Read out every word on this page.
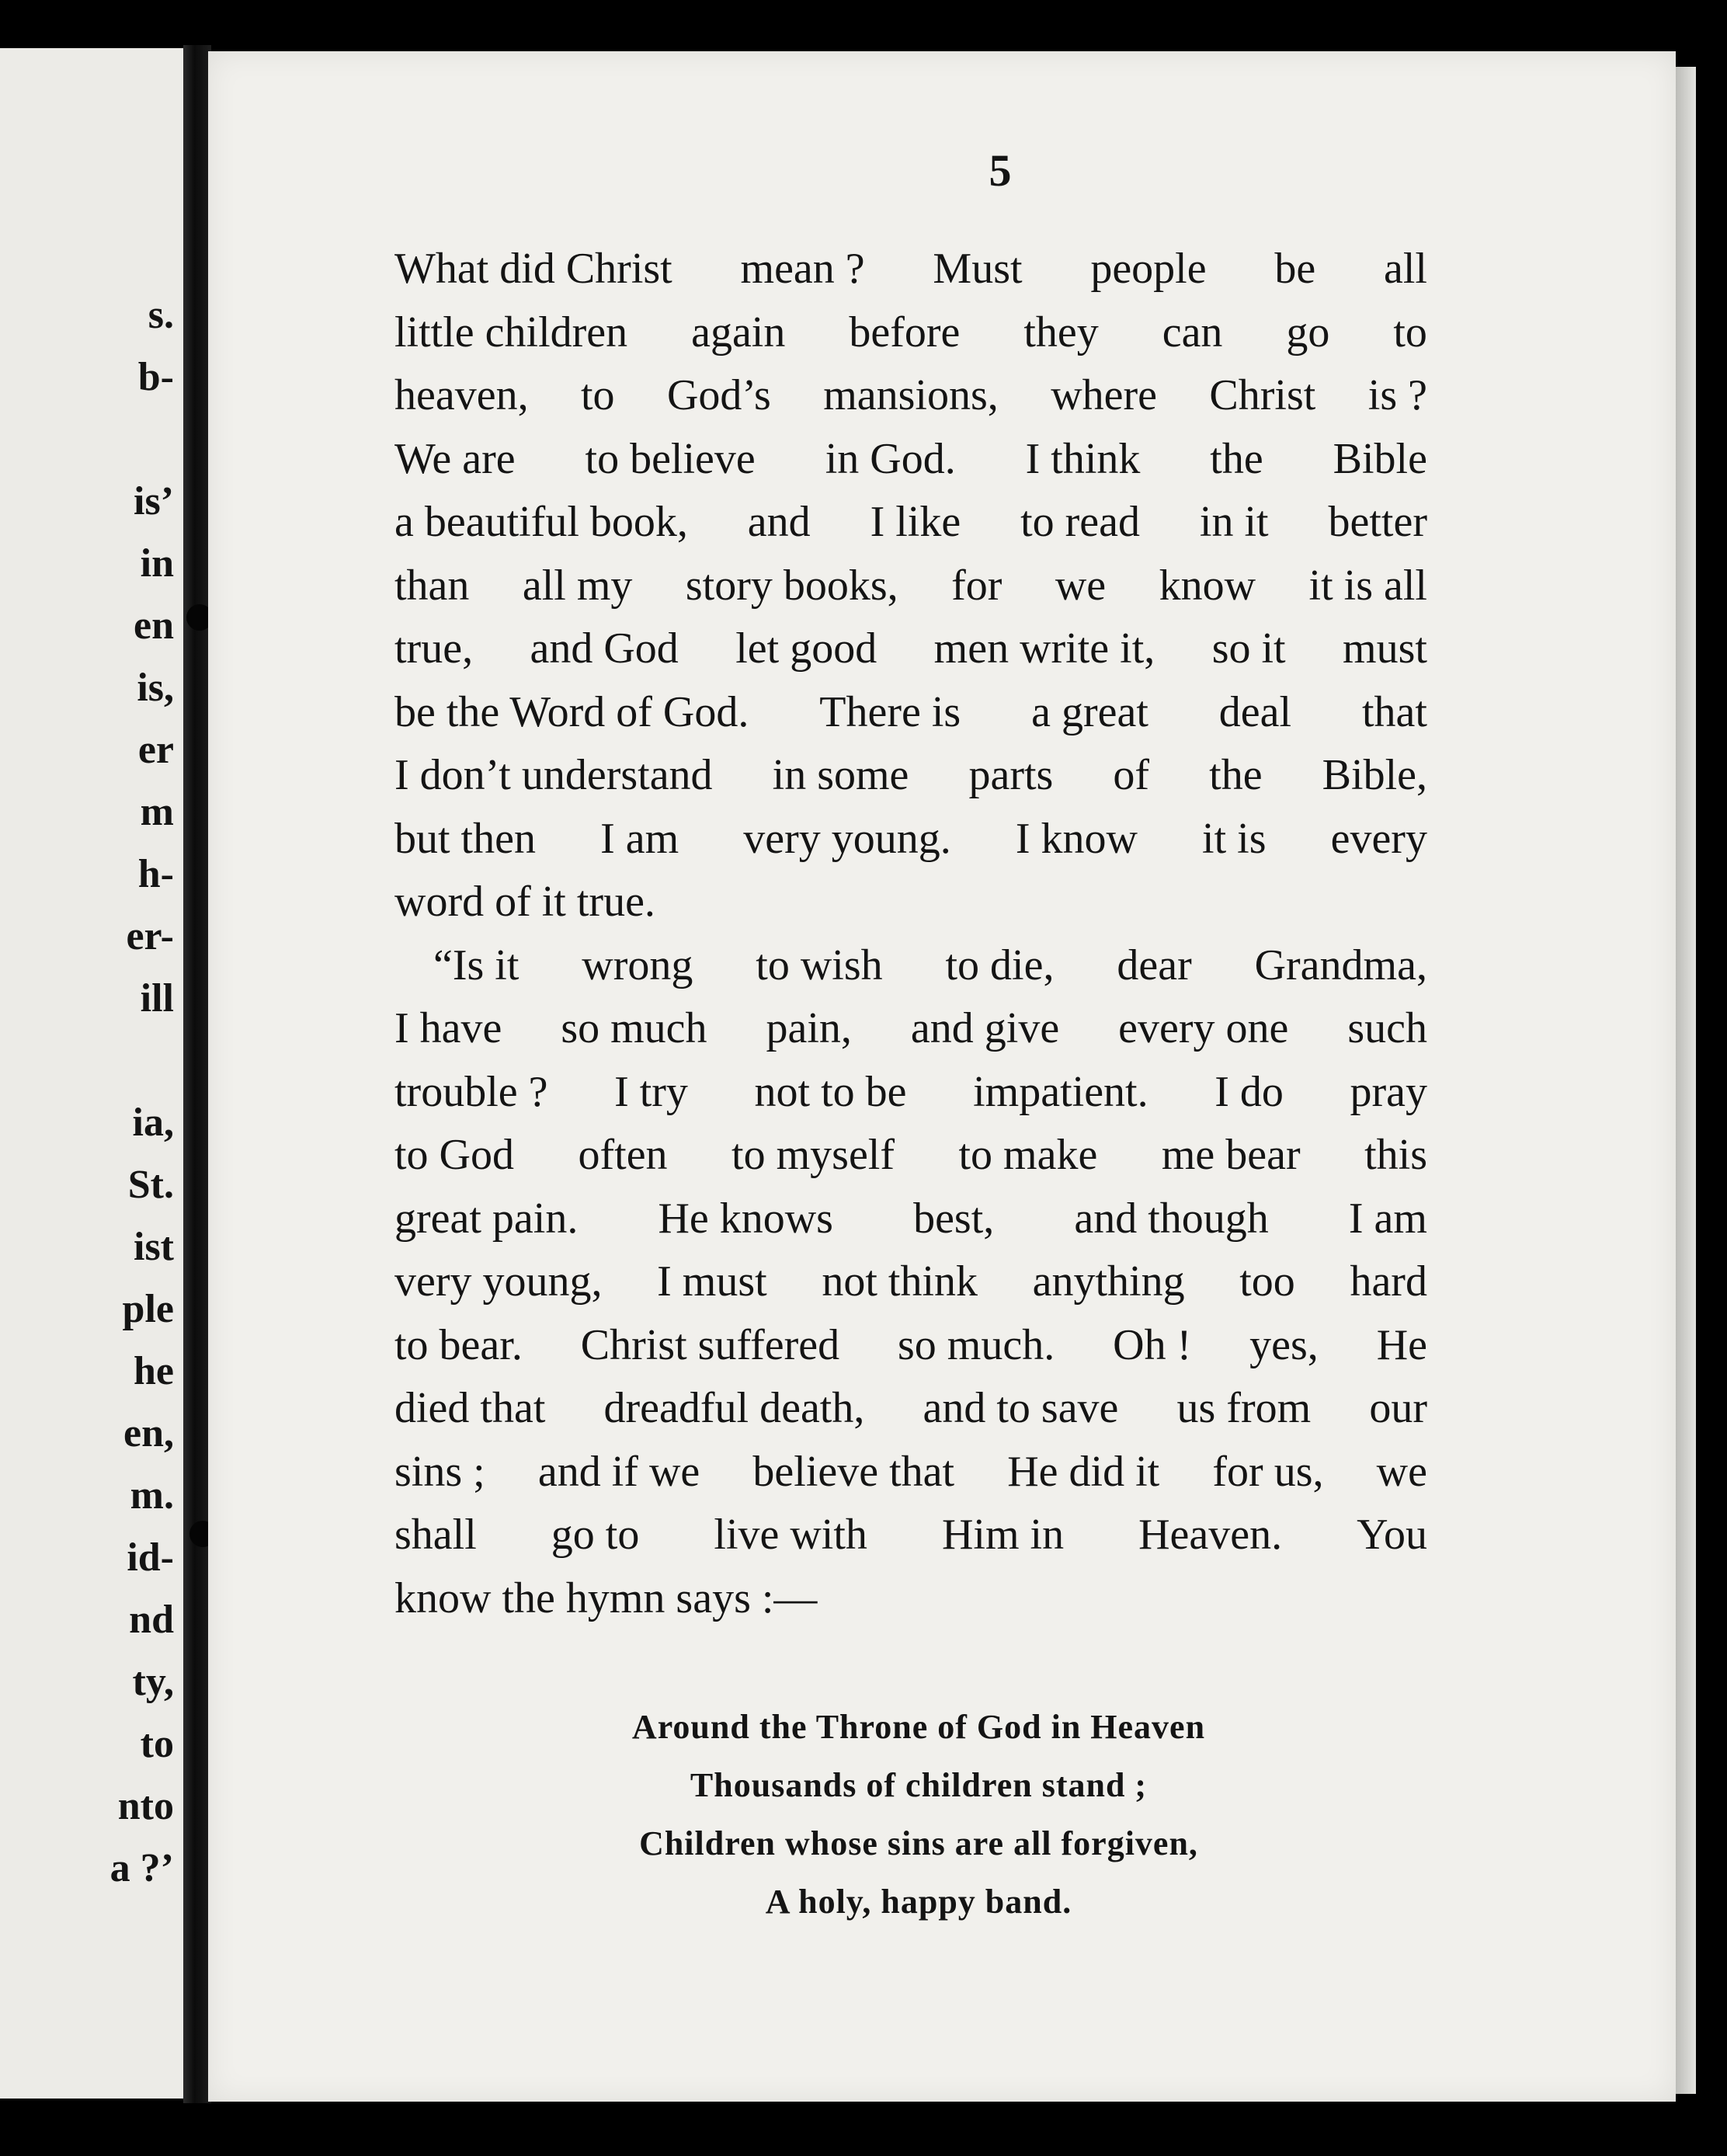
s.
b-
is’
in
en
is,
er
m
h-
er-
ill
ia,
St.
ist
ple
he
en,
m.
id-
nd
ty,
to
nto
a ?’
5
What did Christ mean ? Must people be all
little children again before they can go to
heaven, to God’s mansions, where Christ is ?
We are to believe in God. I think the Bible
a beautiful book, and I like to read in it better
than all my story books, for we know it is all
true, and God let good men write it, so it must
be the Word of God. There is a great deal that
I don’t understand in some parts of the Bible,
but then I am very young. I know it is every
word of it true.
“Is it wrong to wish to die, dear Grandma,
I have so much pain, and give every one such
trouble ? I try not to be impatient. I do pray
to God often to myself to make me bear this
great pain. He knows best, and though I am
very young, I must not think anything too hard
to bear. Christ suffered so much. Oh ! yes, He
died that dreadful death, and to save us from our
sins ; and if we believe that He did it for us, we
shall go to live with Him in Heaven. You
know the hymn says :—
Around the Throne of God in Heaven
Thousands of children stand ;
Children whose sins are all forgiven,
A holy, happy band.
